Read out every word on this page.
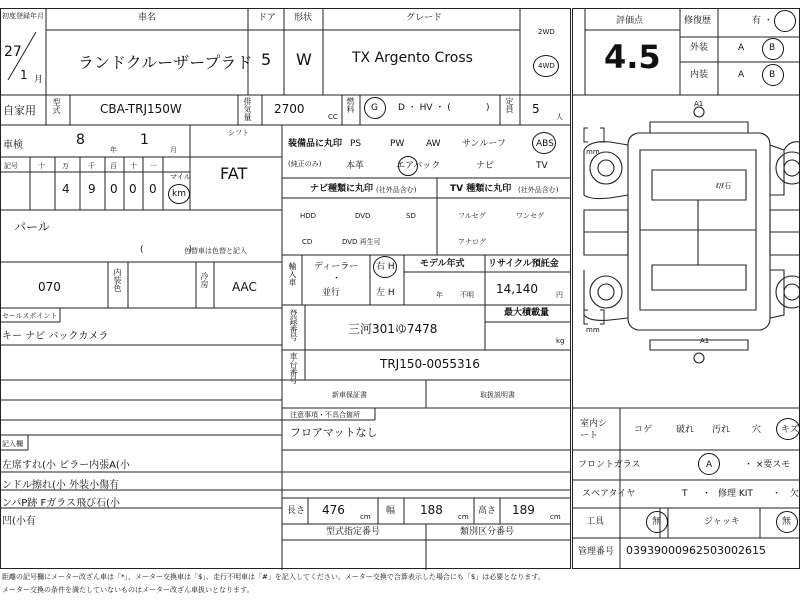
初度登録年月
27
1 月
車名
ランドクルーザープラド
ドア
5
形状
W
グレード
TX Argento Cross
2WD
4WD
評価点
4.5
修復歴	有 ・
外装	A	B
内装	A	B
自家用 型式	CBA-TRJ150W	排気量 2700
CC
燃料 G D ・ HV ・ (	) 定員 5
人
車検	8
年
1
月
シフト
FAT
記号	十 万	千 百 十 一
4 9 0 0 0
マイル
km
装備品に丸印
(純正のみ)
PS	PW AW サンルーフ	ABS
本革	エアバック	ナビ	TV
ナビ種類に丸印 (社外品含む)
HDD	DVD	SD
CD	DVD 再生可
TV 種類に丸印 (社外品含む)
フルセグ	ワンセグ
アナログ
パール
(　　　　　)
色替車は色替と記入
070	内装色	冷房 AAC
輸入車 ディーラー
・
並行
右 H
左 H
モデル年式
年 不明
リサイクル預託金
14,140	円
最大積載量
kg
登録番号	三河301ゆ7478
車台番号	TRJ150-0055316
新車保証書	取扱説明書
注意事項・不具合箇所
フロアマットなし
セールスポイント
キー ナビ バックカメラ
記入欄
左席すれ(小 ピラー内張A(小
ンドル擦れ(小 外装小傷有
ンパP跡 Fガラス飛び石(小
凹(小有
長さ 476 cm
幅 188 cm
高さ 189 cm
型式指定番号	類別区分番号
mm
mm
ℓ/ℓ石
A1
A1
室内シート
コゲ	破れ 汚れ 穴 キズ
フロントガラス	A	・ ×要スモ
スペアタイヤ	T ・ 修理 KIT ・ 欠
工具	無	ジャッキ	無
管理番号 03939000962503002615
距離の記号欄にメーター改ざん車は「*」、メーター交換車は「$」、走行不明車は「#」を記入してください。メーター交換で合算表示した場合にも「$」は必要となります。
メーター交換の条件を満たしていないものはメーター改ざん車扱いとなります。
